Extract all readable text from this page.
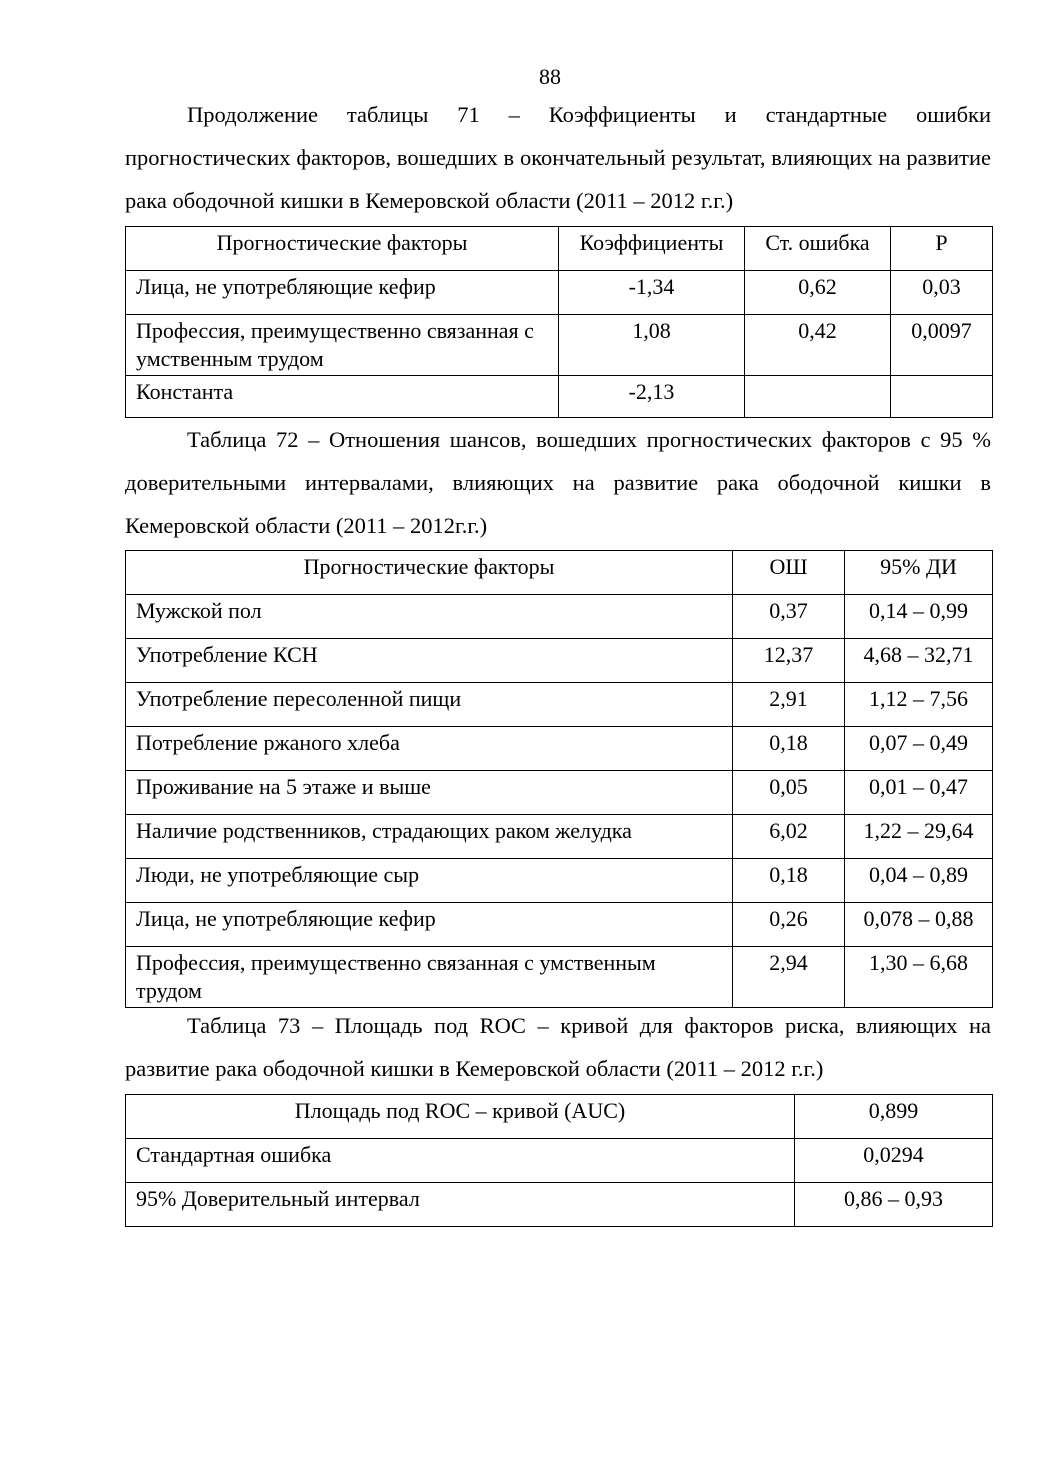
88
Продолжение таблицы 71 – Коэффициенты и стандартные ошибки прогностических факторов, вошедших в окончательный результат, влияющих на развитие рака ободочной кишки в Кемеровской области (2011 – 2012 г.г.)
Прогностические факторы	Коэффициенты	Ст. ошибка	P
Лица, не употребляющие кефир	-1,34	0,62	0,03
Профессия, преимущественно связанная с умственным трудом	1,08	0,42	0,0097
Константа	-2,13		
Таблица 72 – Отношения шансов, вошедших прогностических факторов с 95 % доверительными интервалами, влияющих на развитие рака ободочной кишки в Кемеровской области (2011 – 2012г.г.)
Прогностические факторы	ОШ	95% ДИ
Мужской пол	0,37	0,14 – 0,99
Употребление КСН	12,37	4,68 – 32,71
Употребление пересоленной пищи	2,91	1,12 – 7,56
Потребление ржаного хлеба	0,18	0,07 – 0,49
Проживание на 5 этаже и выше	0,05	0,01 – 0,47
Наличие родственников, страдающих раком желудка	6,02	1,22 – 29,64
Люди, не употребляющие сыр	0,18	0,04 – 0,89
Лица, не употребляющие кефир	0,26	0,078 – 0,88
Профессия, преимущественно связанная с умственным трудом	2,94	1,30 – 6,68
Таблица 73 – Площадь под ROC – кривой для факторов риска, влияющих на развитие рака ободочной кишки в Кемеровской области (2011 – 2012 г.г.)
Площадь под ROC – кривой (AUC)	0,899
Стандартная ошибка	0,0294
95% Доверительный интервал	0,86 – 0,93
